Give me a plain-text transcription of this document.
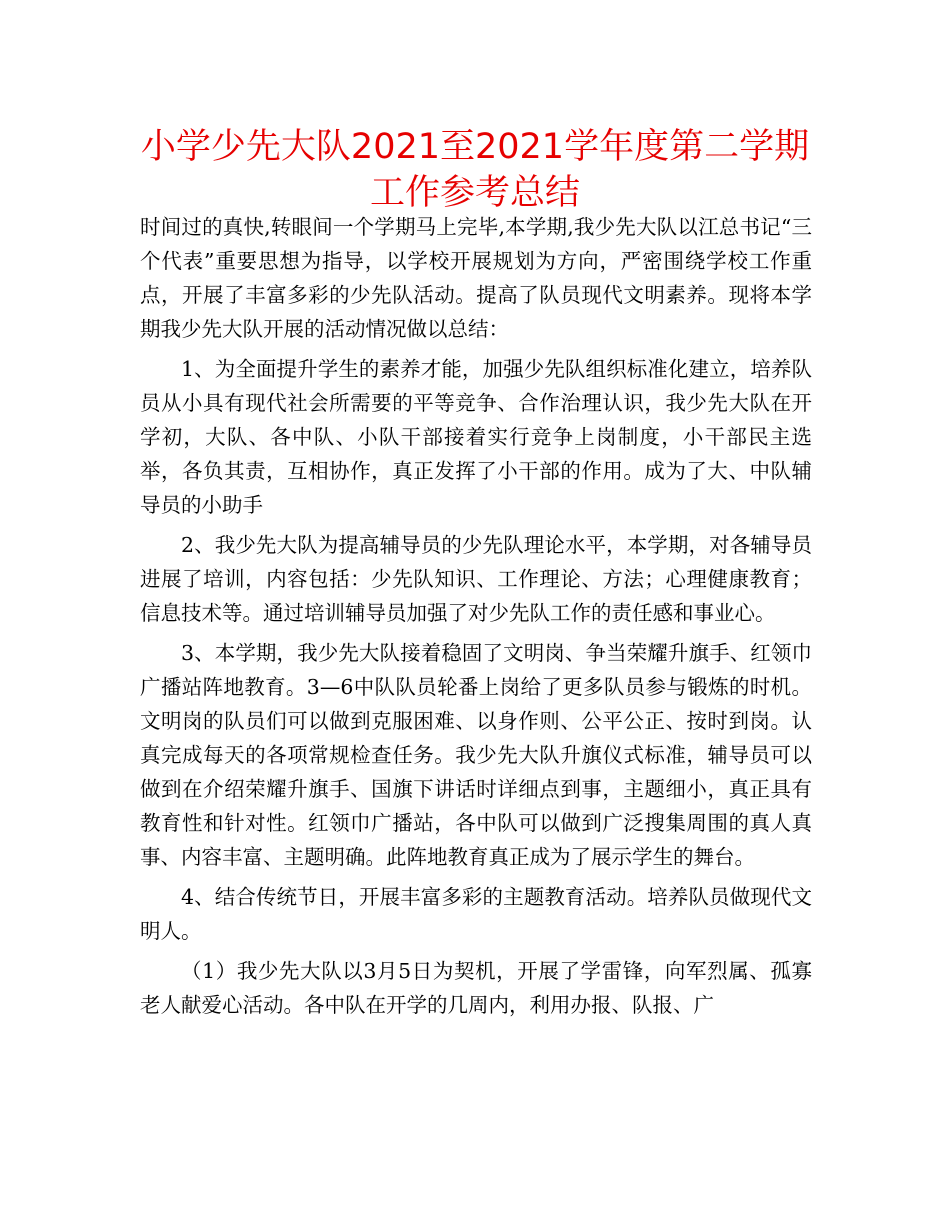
小学少先大队2021至2021学年度第二学期工作参考总结

时间过的真快,转眼间一个学期马上完毕,本学期,我少先大队以江总书记“三个代表”重要思想为指导，以学校开展规划为方向，严密围绕学校工作重点，开展了丰富多彩的少先队活动。提高了队员现代文明素养。现将本学期我少先大队开展的活动情况做以总结：

1、为全面提升学生的素养才能，加强少先队组织标准化建立，培养队员从小具有现代社会所需要的平等竞争、合作治理认识，我少先大队在开学初，大队、各中队、小队干部接着实行竞争上岗制度，小干部民主选举，各负其责，互相协作，真正发挥了小干部的作用。成为了大、中队辅导员的小助手

2、我少先大队为提高辅导员的少先队理论水平，本学期，对各辅导员进展了培训，内容包括：少先队知识、工作理论、方法；心理健康教育；信息技术等。通过培训辅导员加强了对少先队工作的责任感和事业心。

3、本学期，我少先大队接着稳固了文明岗、争当荣耀升旗手、红领巾广播站阵地教育。3—6中队队员轮番上岗给了更多队员参与锻炼的时机。文明岗的队员们可以做到克服困难、以身作则、公平公正、按时到岗。认真完成每天的各项常规检查任务。我少先大队升旗仪式标准，辅导员可以做到在介绍荣耀升旗手、国旗下讲话时详细点到事，主题细小，真正具有教育性和针对性。红领巾广播站，各中队可以做到广泛搜集周围的真人真事、内容丰富、主题明确。此阵地教育真正成为了展示学生的舞台。

4、结合传统节日，开展丰富多彩的主题教育活动。培养队员做现代文明人。

（1）我少先大队以3月5日为契机，开展了学雷锋，向军烈属、孤寡老人献爱心活动。各中队在开学的几周内，利用办报、队报、广
